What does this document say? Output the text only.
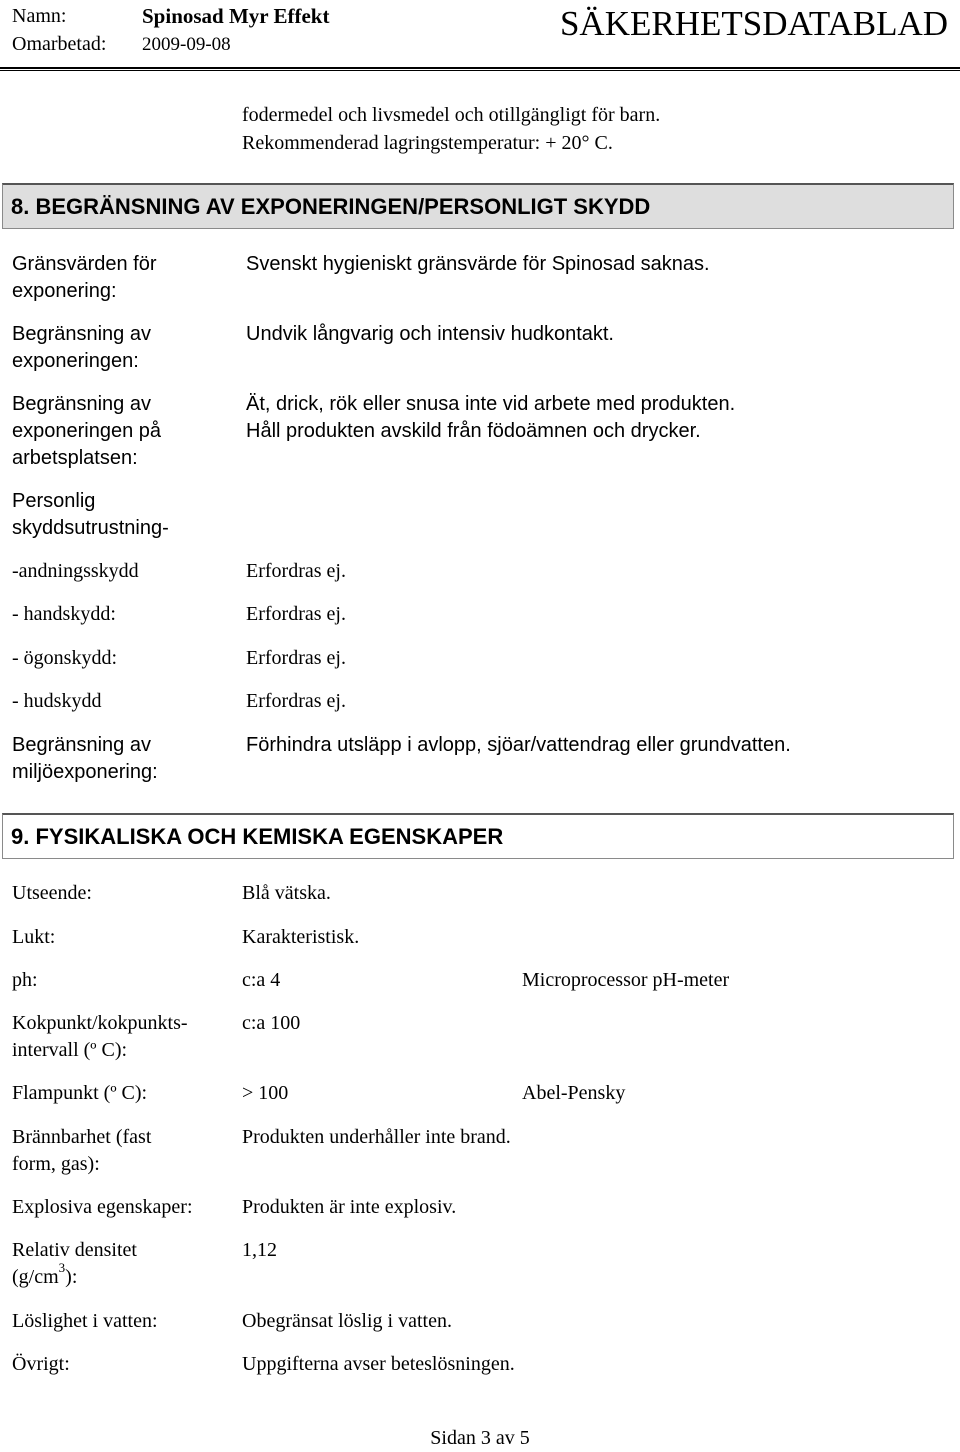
Namn:	Spinosad Myr Effekt
Omarbetad: 2009-09-08
SÄKERHETSDATABLAD
fodermedel och livsmedel och otillgängligt för barn.
Rekommenderad lagringstemperatur: + 20° C.
8. BEGRÄNSNING AV EXPONERINGEN/PERSONLIGT SKYDD
Gränsvärden för
exponering:
Svenskt hygieniskt gränsvärde för Spinosad saknas.
Begränsning av
exponeringen:
Undvik långvarig och intensiv hudkontakt.
Begränsning av
exponeringen på
arbetsplatsen:
Ät, drick, rök eller snusa inte vid arbete med produkten.
Håll produkten avskild från födoämnen och drycker.
Personlig
skyddsutrustning-
-andningsskydd	Erfordras ej.
- handskydd:	Erfordras ej.
- ögonskydd:	Erfordras ej.
- hudskydd	Erfordras ej.
Begränsning av
miljöexponering:
Förhindra utsläpp i avlopp, sjöar/vattendrag eller grundvatten.
9. FYSIKALISKA OCH KEMISKA EGENSKAPER
Utseende:	Blå vätska.
Lukt:	Karakteristisk.
ph:	c:a 4	Microprocessor pH-meter
Kokpunkt/kokpunkts-
intervall (º C):
c:a 100
Flampunkt (º C):	> 100	Abel-Pensky
Brännbarhet (fast
form, gas):
Produkten underhåller inte brand.
Explosiva egenskaper: Produkten är inte explosiv.
Relativ densitet
$(g/cm^3)$:
1,12
Löslighet i vatten:	Obegränsat löslig i vatten.
Övrigt:	Uppgifterna avser beteslösningen.
Sidan 3 av 5
